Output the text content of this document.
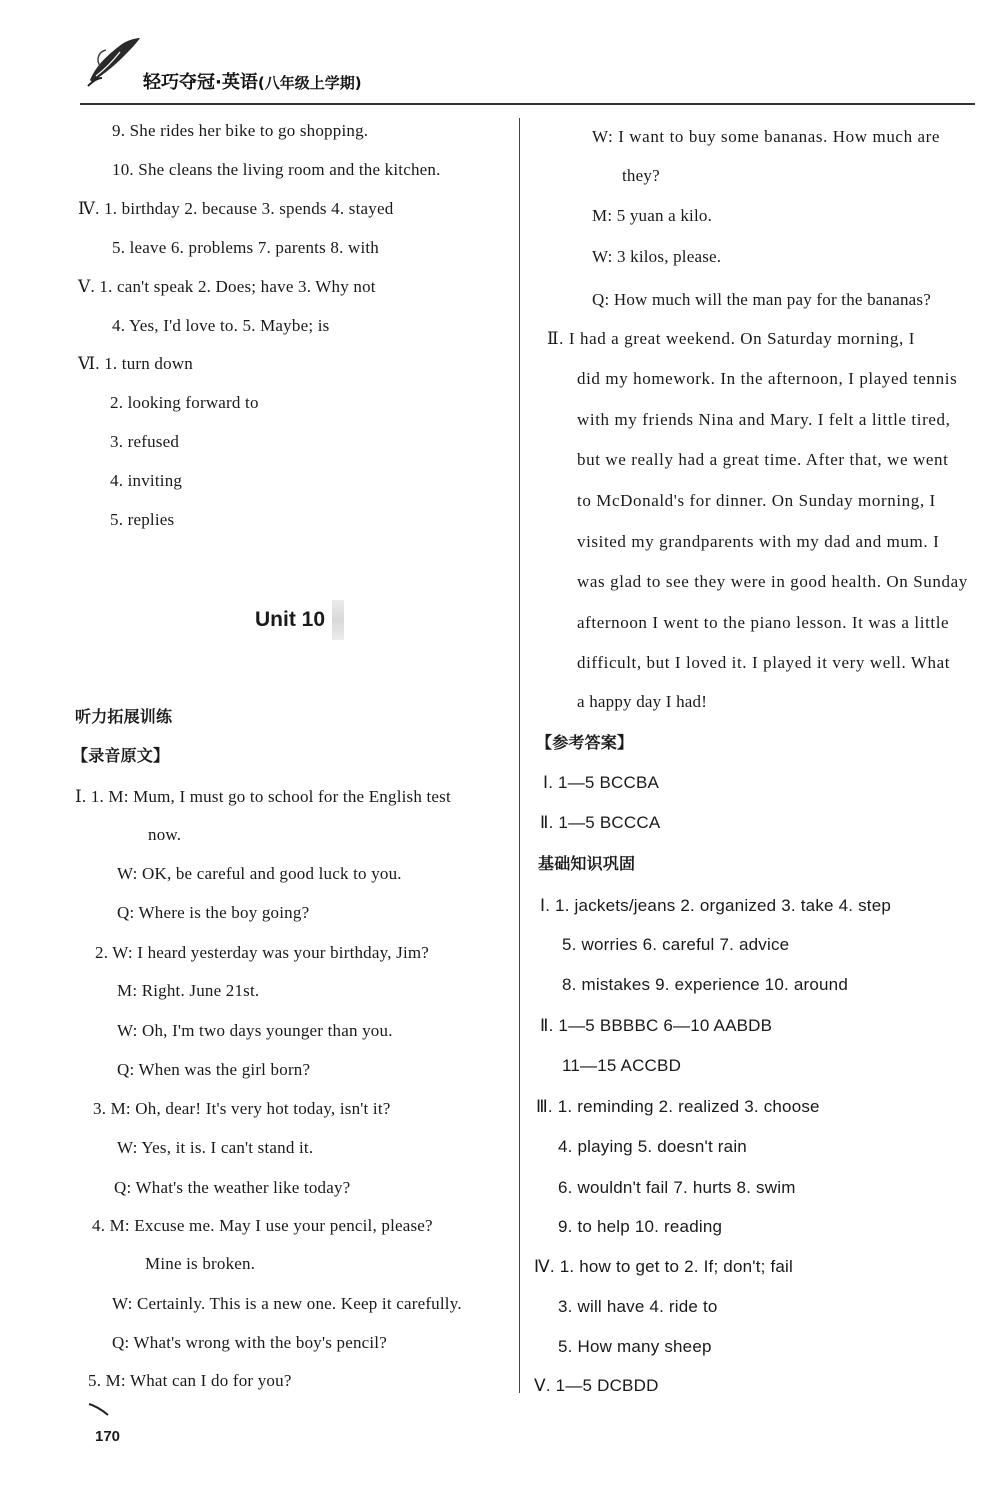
轻巧夺冠·英语(八年级上学期)
9. She rides her bike to go shopping.
10. She cleans the living room and the kitchen.
Ⅳ. 1. birthday 2. because 3. spends 4. stayed
5. leave 6. problems 7. parents 8. with
Ⅴ. 1. can't speak 2. Does; have 3. Why not
4. Yes, I'd love to. 5. Maybe; is
Ⅵ. 1. turn down
2. looking forward to
3. refused
4. inviting
5. replies
Unit 10
听力拓展训练
【录音原文】
Ⅰ. 1. M: Mum, I must go to school for the English test
now.
W: OK, be careful and good luck to you.
Q: Where is the boy going?
2. W: I heard yesterday was your birthday, Jim?
M: Right. June 21st.
W: Oh, I'm two days younger than you.
Q: When was the girl born?
3. M: Oh, dear! It's very hot today, isn't it?
W: Yes, it is. I can't stand it.
Q: What's the weather like today?
4. M: Excuse me. May I use your pencil, please?
Mine is broken.
W: Certainly. This is a new one. Keep it carefully.
Q: What's wrong with the boy's pencil?
5. M: What can I do for you?
W: I want to buy some bananas. How much are
they?
M: 5 yuan a kilo.
W: 3 kilos, please.
Q: How much will the man pay for the bananas?
Ⅱ. I had a great weekend. On Saturday morning, I
did my homework. In the afternoon, I played tennis
with my friends Nina and Mary. I felt a little tired,
but we really had a great time. After that, we went
to McDonald's for dinner. On Sunday morning, I
visited my grandparents with my dad and mum. I
was glad to see they were in good health. On Sunday
afternoon I went to the piano lesson. It was a little
difficult, but I loved it. I played it very well. What
a happy day I had!
【参考答案】
Ⅰ. 1—5 BCCBA
Ⅱ. 1—5 BCCCA
基础知识巩固
Ⅰ. 1. jackets/jeans 2. organized 3. take 4. step
5. worries 6. careful 7. advice
8. mistakes 9. experience 10. around
Ⅱ. 1—5 BBBBC 6—10 AABDB
11—15 ACCBD
Ⅲ. 1. reminding 2. realized 3. choose
4. playing 5. doesn't rain
6. wouldn't fail 7. hurts 8. swim
9. to help 10. reading
Ⅳ. 1. how to get to 2. If; don't; fail
3. will have 4. ride to
5. How many sheep
Ⅴ. 1—5 DCBDD
170
